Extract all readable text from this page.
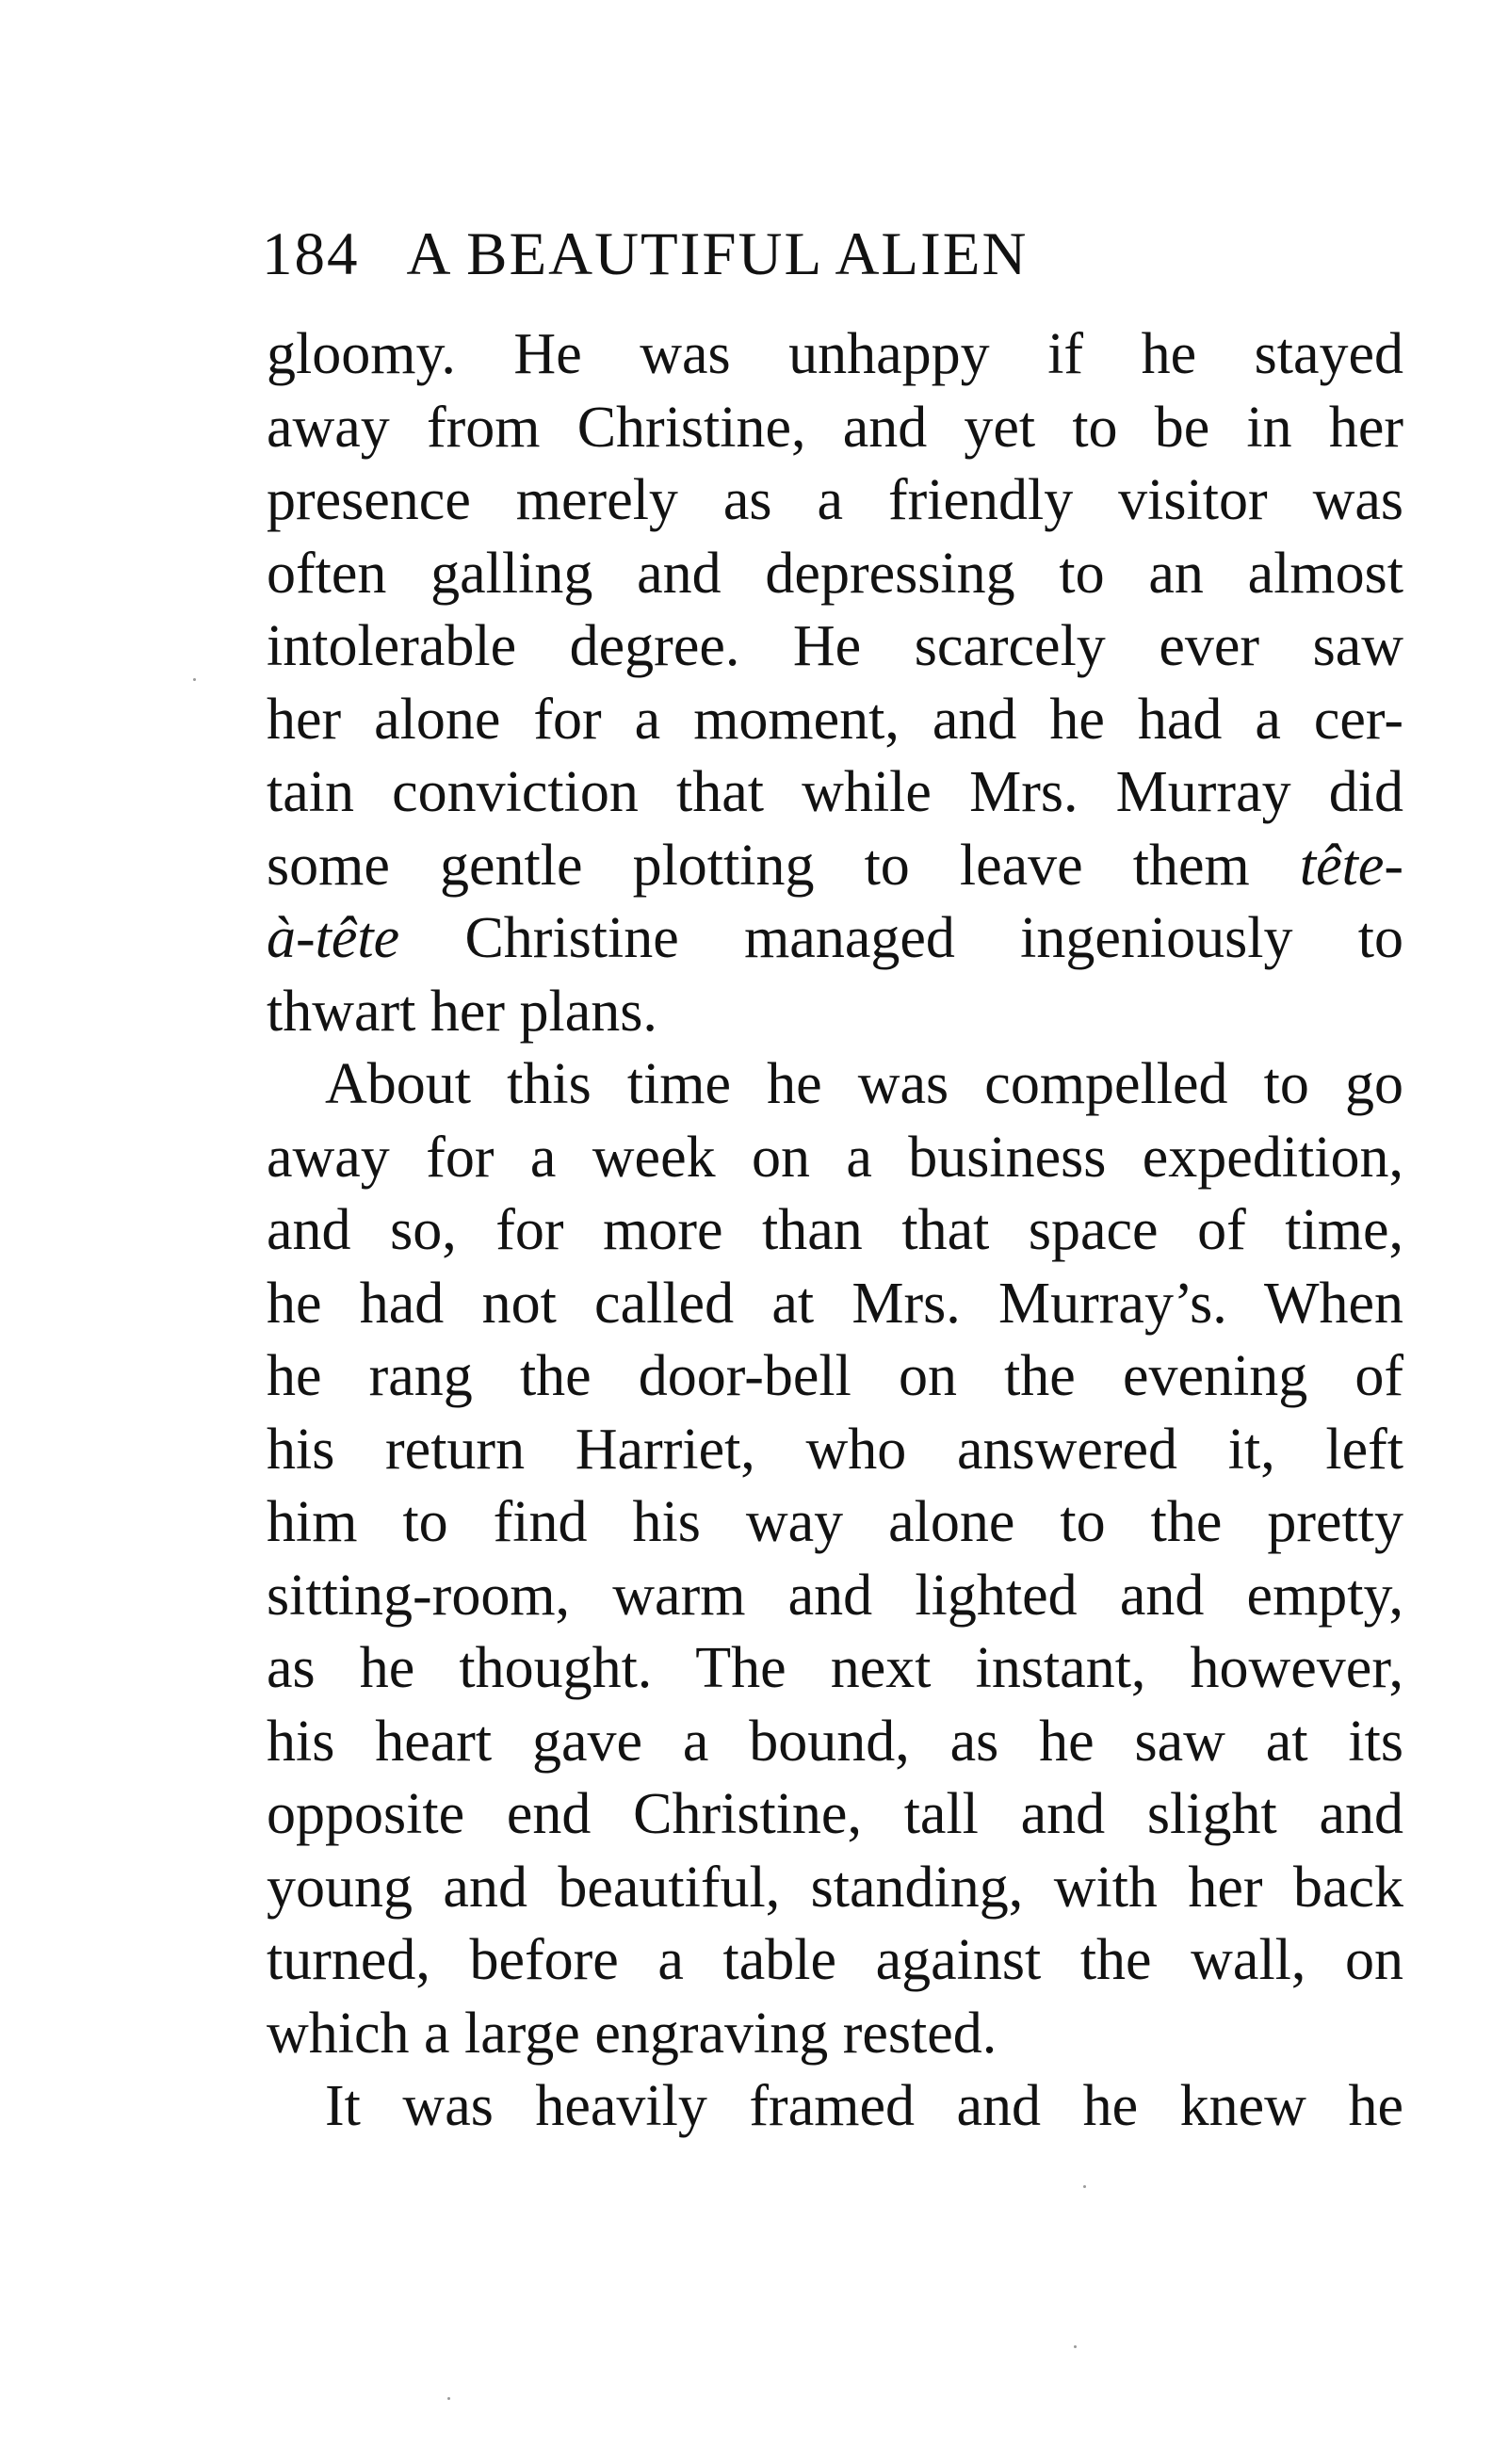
184 A BEAUTIFUL ALIEN
gloomy. He was unhappy if he stayed
away from Christine, and yet to be in her
presence merely as a friendly visitor was
often galling and depressing to an almost
intolerable degree. He scarcely ever saw
her alone for a moment, and he had a cer-
tain conviction that while Mrs. Murray did
some gentle plotting to leave them tête-
à-tête Christine managed ingeniously to
thwart her plans.
About this time he was compelled to go
away for a week on a business expedition,
and so, for more than that space of time,
he had not called at Mrs. Murray’s. When
he rang the door-bell on the evening of
his return Harriet, who answered it, left
him to find his way alone to the pretty
sitting-room, warm and lighted and empty,
as he thought. The next instant, however,
his heart gave a bound, as he saw at its
opposite end Christine, tall and slight and
young and beautiful, standing, with her back
turned, before a table against the wall, on
which a large engraving rested.
It was heavily framed and he knew he
